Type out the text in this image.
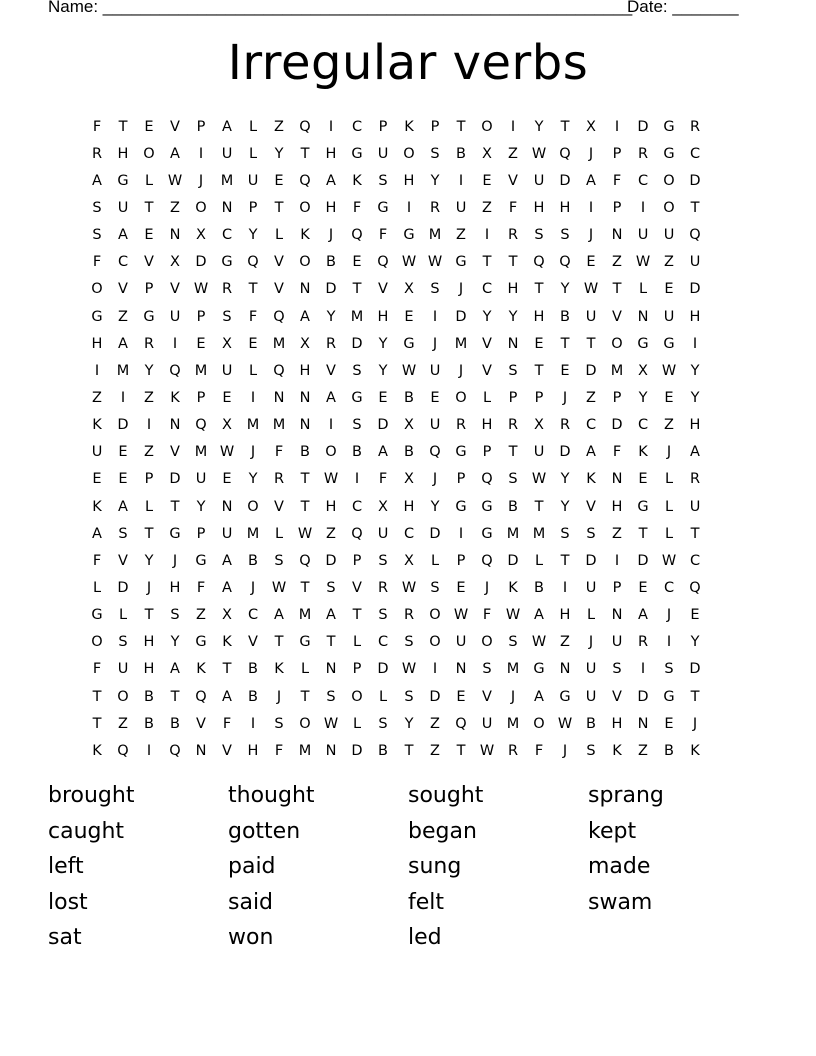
Name: ________________________________________________________
Date: _______
Irregular verbs
F	T	E	V	P	A	L	Z	Q	I	C	P	K	P	T	O	I	Y	T	X	I	D	G	R
R	H	O	A	I	U	L	Y	T	H	G	U	O	S	B	X	Z W Q	J	P	R	G	C
A	G	L	W	J	M U	E	Q	A	K	S	H	Y	I	E	V	U	D	A	F	C	O	D
S	U	T	Z	O	N	P	T	O	H	F	G	I	R	U	Z	F	H	H	I	P	I	O	T
S	A	E	N	X	C	Y	L	K	J	Q	F	G M	Z	I	R	S	S	J	N	U	U	Q
F	C	V	X	D	G	Q	V	O	B	E	Q W W G	T	T	Q	Q	E	Z W Z	U
O	V	P	V W R	T	V	N	D	T	V	X	S	J	C	H	T	Y W T	L	E	D
G	Z	G	U	P	S	F	Q	A	Y	M H	E	I	D	Y	Y	H	B	U	V	N	U	H
H	A	R	I	E	X	E	M	X	R	D	Y	G	J	M	V	N	E	T	T	O	G	G	I
I	M	Y	Q M U	L	Q	H	V	S	Y W U	J	V	S	T	E	D M	X W Y
Z	I	Z	K	P	E	I	N	N	A	G	E	B	E	O	L	P	P	J	Z	P	Y	E	Y
K	D	I	N	Q	X	M M N	I	S	D	X	U	R	H	R	X	R	C	D	C	Z	H
U	E	Z	V	M W	J	F	B	O	B	A	B	Q	G	P	T	U	D	A	F	K	J	A
E	E	P	D	U	E	Y	R	T W	I	F	X	J	P	Q	S W Y	K	N	E	L	R
K	A	L	T	Y	N	O	V	T	H	C	X	H	Y	G	G	B	T	Y	V	H	G	L	U
A	S	T	G	P	U M	L	W Z	Q	U	C	D	I	G M M	S	S	Z	T	L	T
F	V	Y	J	G	A	B	S	Q	D	P	S	X	L	P	Q	D	L	T	D	I	D W C
L	D	J	H	F	A	J	W T	S	V	R W S	E	J	K	B	I	U	P	E	C	Q
G	L	T	S	Z	X	C	A	M	A	T	S	R	O W	F	W A	H	L	N	A	J	E
O	S	H	Y	G	K	V	T	G	T	L	C	S	O	U	O	S W Z	J	U	R	I	Y
F	U	H	A	K	T	B	K	L	N	P	D W	I	N	S	M G	N	U	S	I	S	D
T	O	B	T	Q	A	B	J	T	S	O	L	S	D	E	V	J	A	G	U	V	D	G	T
T	Z	B	B	V	F	I	S	O W	L	S	Y	Z	Q	U M O W B	H	N	E	J
K	Q	I	Q	N	V	H	F	M N	D	B	T	Z	T W R	F	J	S	K	Z	B	K
brought	thought	sought	sprang
caught	gotten	began	kept
left	paid	sung	made
lost	said	felt	swam
sat	won	led
